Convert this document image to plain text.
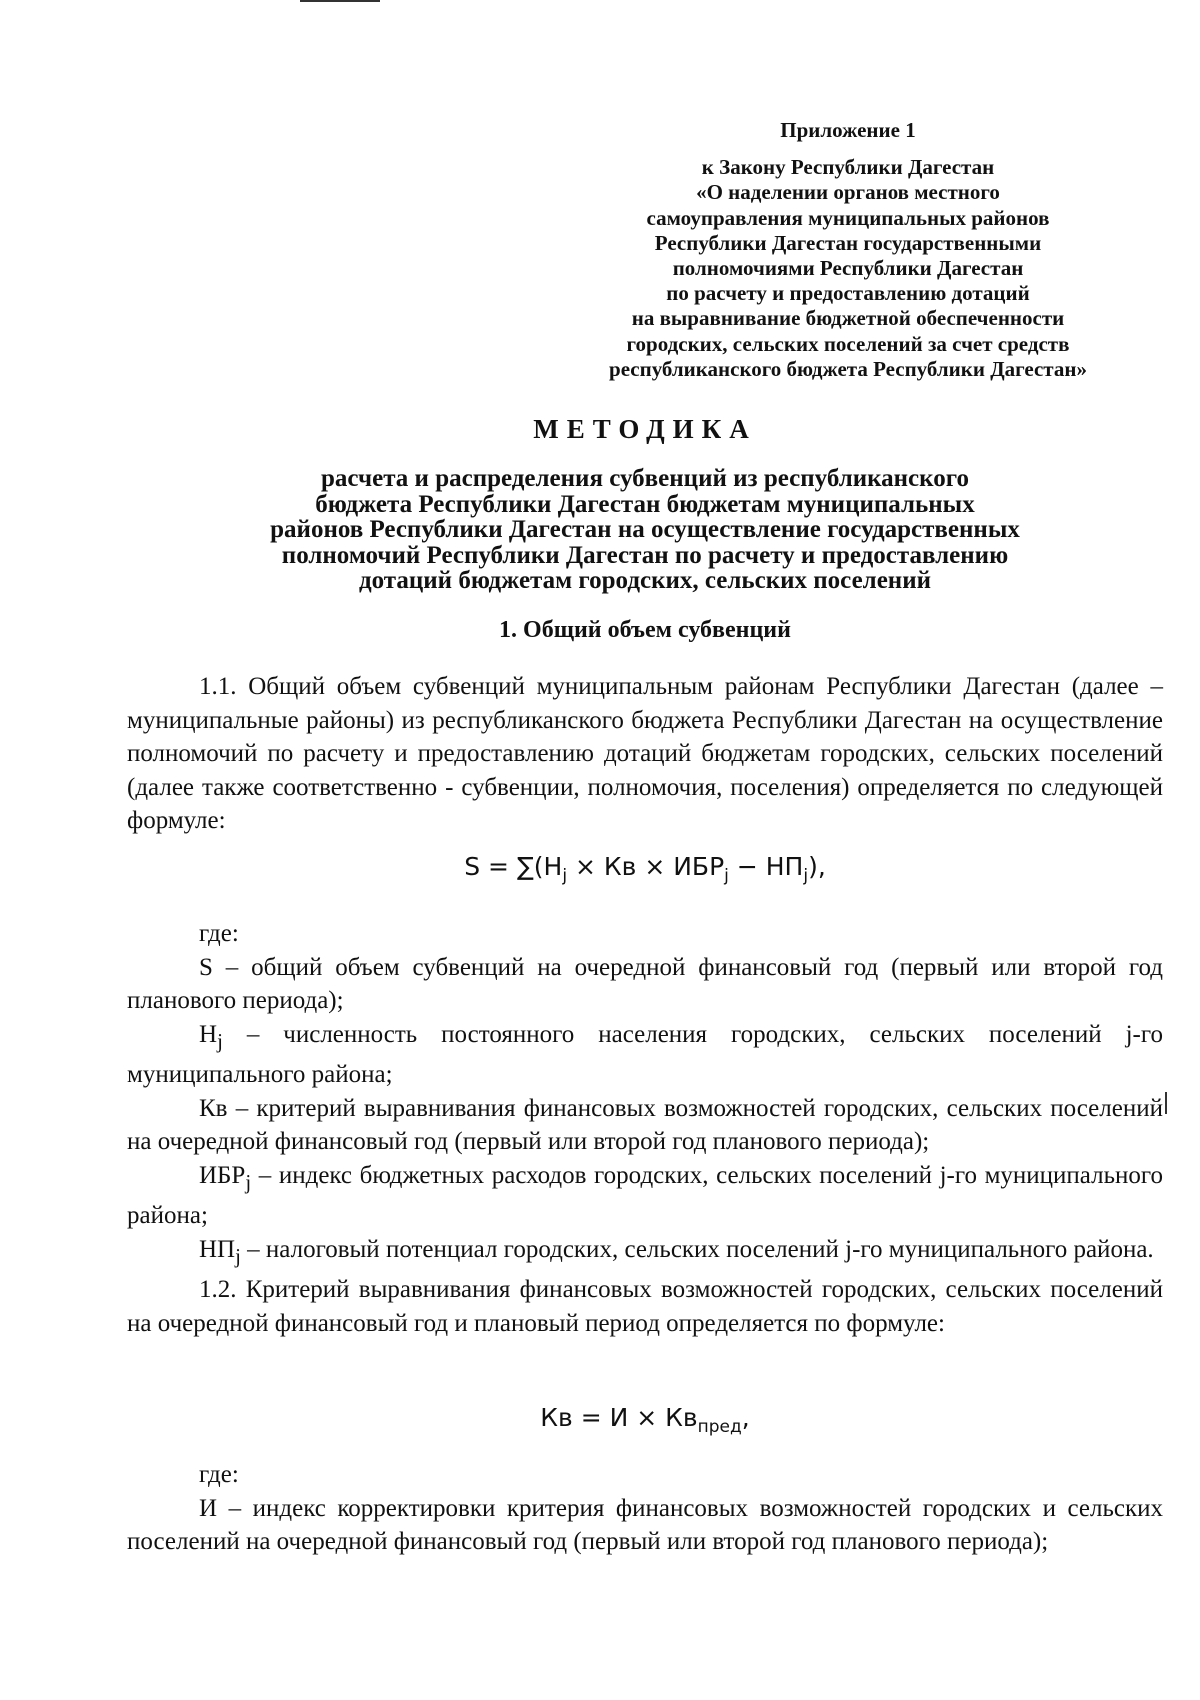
Приложение 1
к Закону Республики Дагестан
«О наделении органов местного
самоуправления муниципальных районов
Республики Дагестан государственными
полномочиями Республики Дагестан
по расчету и предоставлению дотаций
на выравнивание бюджетной обеспеченности
городских, сельских поселений за счет средств
республиканского бюджета Республики Дагестан»
МЕТОДИКА
расчета и распределения субвенций из республиканского
бюджета Республики Дагестан бюджетам муниципальных
районов Республики Дагестан на осуществление государственных
полномочий Республики Дагестан по расчету и предоставлению
дотаций бюджетам городских, сельских поселений
1. Общий объем субвенций

1.1. Общий объем субвенций муниципальным районам Республики Дагестан (далее – муниципальные районы) из республиканского бюджета Республики Дагестан на осуществление полномочий по расчету и предоставлению дотаций бюджетам городских, сельских поселений (далее также соответственно - субвенции, полномочия, поселения) определяется по следующей формуле:

$S = \sum(H_j$ × Кв × $ИБР_j - НП_j$),

где:

S – общий объем субвенций на очередной финансовый год (первый или второй год планового периода);

$H_j$ – численность постоянного населения городских, сельских поселений j-го муниципального района;

Кв – критерий выравнивания финансовых возможностей городских, сельских поселений на очередной финансовый год (первый или второй год планового периода);

$ИБР_j$ – индекс бюджетных расходов городских, сельских поселений j-го муниципального района;

$НП_j$ – налоговый потенциал городских, сельских поселений j-го муниципального района.

1.2. Критерий выравнивания финансовых возможностей городских, сельских поселений на очередной финансовый год и плановый период определяется по формуле:

Кв = $И \times Кв_{пред}$,

где:

И – индекс корректировки критерия финансовых возможностей городских и сельских поселений на очередной финансовый год (первый или второй год планового периода);
